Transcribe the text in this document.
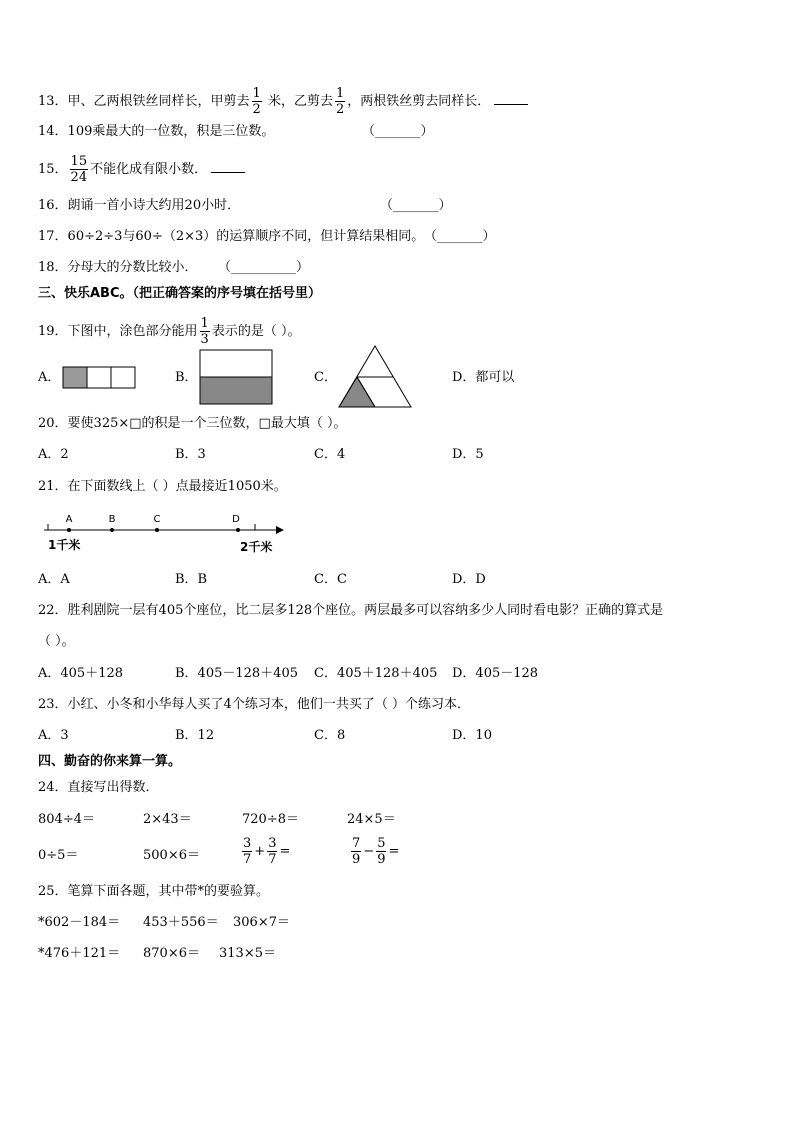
13．甲、乙两根铁丝同样长，甲剪去 $\frac{1}{2}$ 米，乙剪去 $\frac{1}{2}$ ，两根铁丝剪去同样长．
14．109乘最大的一位数，积是三位数。	（_______）
15． $\frac{15}{24}$ 不能化成有限小数．
16．朗诵一首小诗大约用20小时．	（_______）
17．60÷2÷3与60÷（2×3）的运算顺序不同，但计算结果相同。 （_______）
18．分母大的分数比较小． （__________）
三、快乐ABC。（把正确答案的序号填在括号里）
19．下图中，涂色部分能用 $\frac{1}{3}$ 表示的是（ ）。
A．	B．	C．	D．都可以
20．要使325×□的积是一个三位数，□最大填（ ）。
A．2	B．3	C．4	D．5
21．在下面数线上（ ）点最接近1050米。
A	B	C	D
1千米	2千米
A．A	B．B	C．C	D．D
22．胜利剧院一层有405个座位，比二层多128个座位。两层最多可以容纳多少人同时看电影？正确的算式是
（ ）。
A．405＋128	B．405－128＋405 C．405＋128＋405 D．405－128
23．小红、小冬和小华每人买了4个练习本，他们一共买了（ ）个练习本．
A．3	B．12	C．8	D．10
四、勤奋的你来算一算。
24．直接写出得数．
804÷4＝	2×43＝	720÷8＝	24×5＝
0÷5＝	500×6＝	$\frac{3}{7} + \frac{3}{7}$ =	$\frac{7}{9} - \frac{5}{9}$ =
25．笔算下面各题，其中带*的要验算。
*602－184＝ 453＋556＝ 306×7＝
*476＋121＝ 870×6＝ 313×5＝
